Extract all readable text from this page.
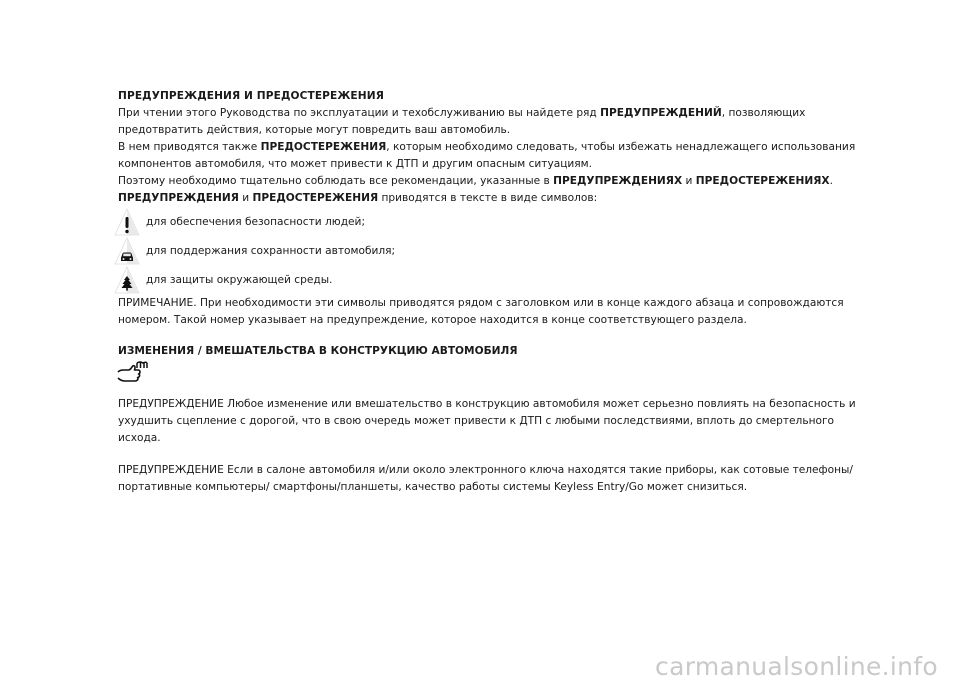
ПРЕДУПРЕЖДЕНИЯ И ПРЕДОСТЕРЕЖЕНИЯ

При чтении этого Руководства по эксплуатации и техобслуживанию вы найдете ряд ПРЕДУПРЕЖДЕНИЙ, позволяющих предотвратить действия, которые могут повредить ваш автомобиль.

В нем приводятся также ПРЕДОСТЕРЕЖЕНИЯ, которым необходимо следовать, чтобы избежать ненадлежащего использования компонентов автомобиля, что может привести к ДТП и другим опасным ситуациям.

Поэтому необходимо тщательно соблюдать все рекомендации, указанные в ПРЕДУПРЕЖДЕНИЯХ и ПРЕДОСТЕРЕЖЕНИЯХ.

ПРЕДУПРЕЖДЕНИЯ и ПРЕДОСТЕРЕЖЕНИЯ приводятся в тексте в виде символов:

для обеспечения безопасности людей;
для поддержания сохранности автомобиля;
для защиты окружающей среды.

ПРИМЕЧАНИЕ. При необходимости эти символы приводятся рядом с заголовком или в конце каждого абзаца и сопровождаются номером. Такой номер указывает на предупреждение, которое находится в конце соответствующего раздела.

ИЗМЕНЕНИЯ / ВМЕШАТЕЛЬСТВА В КОНСТРУКЦИЮ АВТОМОБИЛЯ

ПРЕДУПРЕЖДЕНИЕ Любое изменение или вмешательство в конструкцию автомобиля может серьезно повлиять на безопасность и ухудшить сцепление с дорогой, что в свою очередь может привести к ДТП с любыми последствиями, вплоть до смертельного исхода.

ПРЕДУПРЕЖДЕНИЕ Если в салоне автомобиля и/или около электронного ключа находятся такие приборы, как сотовые телефоны/портативные компьютеры/ смартфоны/планшеты, качество работы системы Keyless Entry/Go может снизиться.

carmanualsonline.info
